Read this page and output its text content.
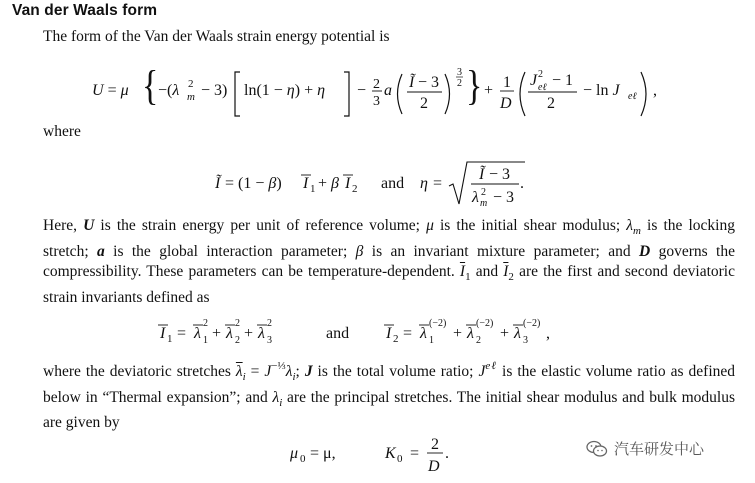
Van der Waals form
The form of the Van der Waals strain energy potential is
U = μ { −(λ 2
m − 3) ln(1 − η) + η − 2
3
a Ĩ − 3
2
3
2 } + 1
D
J 2
eℓ − 1
2
− ln J eℓ ,
where
Ĩ = (1 − β) I 1 + β I 2 and η =
Ĩ − 3
λ 2
m − 3
.
Here, U is the strain energy per unit of reference volume; μ is the initial shear modulus; $\lambda_m$ is the locking stretch; a is the global interaction parameter; β is an invariant mixture parameter; and D governs the compressibility. These parameters can be temperature-dependent. $\overline{I}_1$ and $\overline{I}_2$ are the first and second deviatoric strain invariants defined as
I 1 = λ
2
1 + λ
2
2 + λ
2
3	and I 2 = λ
(−2)
1 + λ
(−2)
2 + λ
(−2)
3 ,
where the deviatoric stretches $\overline{\lambda}_i = J^{-\frac{1}{3}}\lambda_i$; J is the total volume ratio; $J^{e\ell}$ is the elastic volume ratio as defined below in “Thermal expansion”; and $\lambda_i$ are the principal stretches. The initial shear modulus and bulk modulus are given by
μ 0 = μ,	K 0 =
2
D
.	汽车研发中心
